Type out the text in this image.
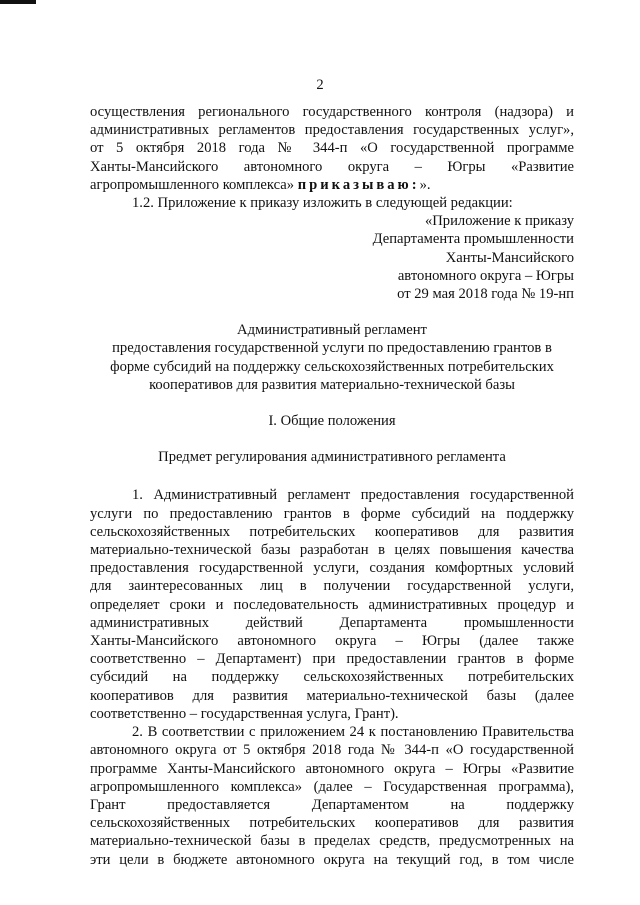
2

осуществления регионального государственного контроля (надзора) и

административных регламентов предоставления государственных услуг»,

от 5 октября 2018 года № 344-п «О государственной программе

Ханты-Мансийского автономного округа – Югры «Развитие

агропромышленного комплекса» приказываю:».

1.2. Приложение к приказу изложить в следующей редакции:

«Приложение к приказу

Департамента промышленности

Ханты-Мансийского

автономного округа – Югры

от 29 мая 2018 года № 19-нп

Административный регламент

предоставления государственной услуги по предоставлению грантов в

форме субсидий на поддержку сельскохозяйственных потребительских

кооперативов для развития материально-технической базы

I. Общие положения

Предмет регулирования административного регламента

1. Административный регламент предоставления государственной

услуги по предоставлению грантов в форме субсидий на поддержку

сельскохозяйственных потребительских кооперативов для развития

материально-технической базы разработан в целях повышения качества

предоставления государственной услуги, создания комфортных условий

для заинтересованных лиц в получении государственной услуги,

определяет сроки и последовательность административных процедур и

административных действий Департамента промышленности

Ханты-Мансийского автономного округа – Югры (далее также

соответственно – Департамент) при предоставлении грантов в форме

субсидий на поддержку сельскохозяйственных потребительских

кооперативов для развития материально-технической базы (далее

соответственно – государственная услуга, Грант).

2. В соответствии с приложением 24 к постановлению Правительства

автономного округа от 5 октября 2018 года № 344-п «О государственной

программе Ханты-Мансийского автономного округа – Югры «Развитие

агропромышленного комплекса» (далее – Государственная программа),

Грант предоставляется Департаментом на поддержку

сельскохозяйственных потребительских кооперативов для развития

материально-технической базы в пределах средств, предусмотренных на

эти цели в бюджете автономного округа на текущий год, в том числе
